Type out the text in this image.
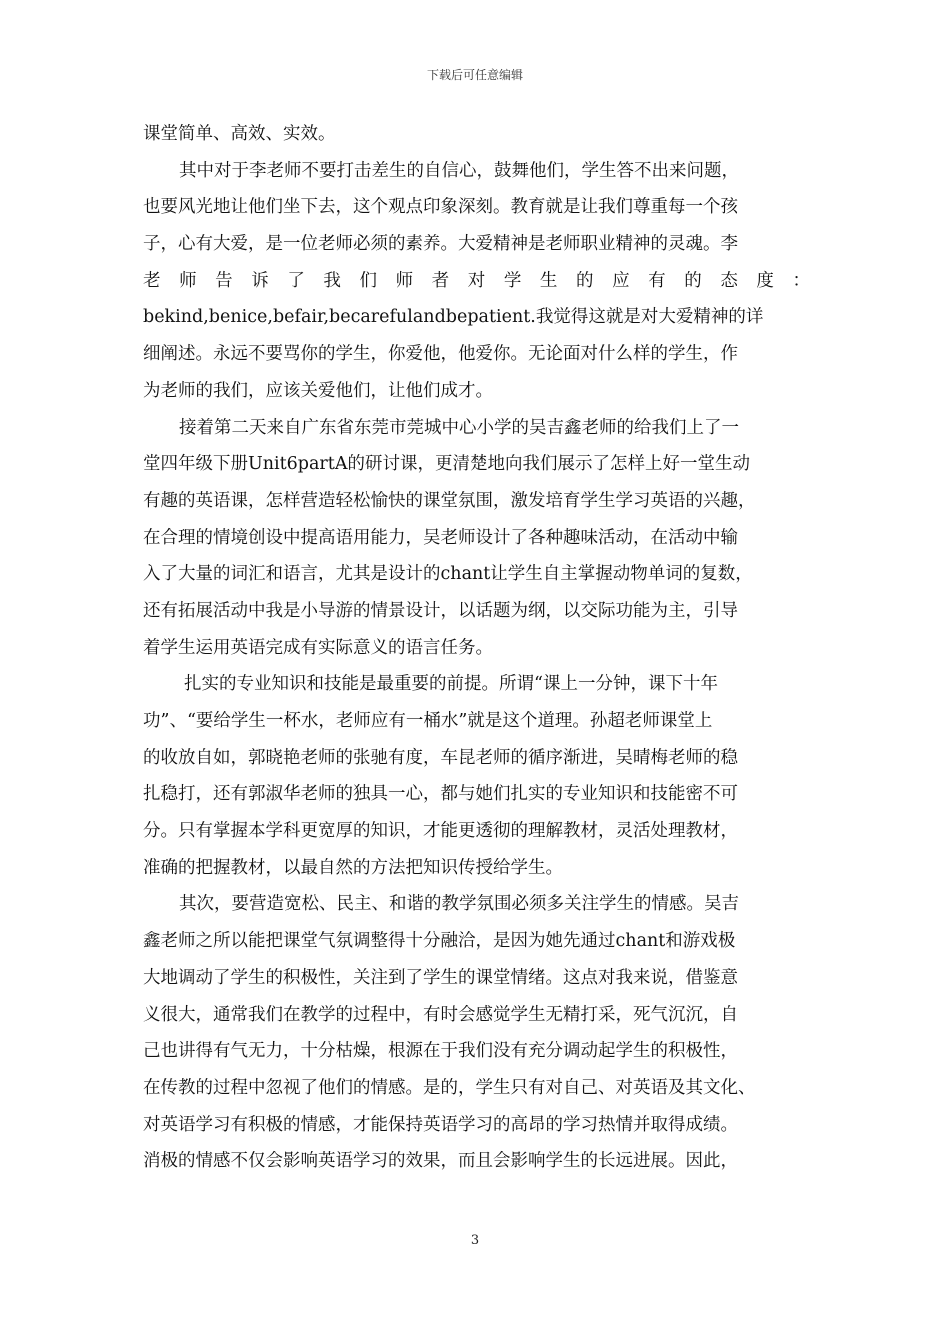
下载后可任意编辑
课堂简单、高效、实效。
其中对于李老师不要打击差生的自信心，鼓舞他们，学生答不出来问题，
也要风光地让他们坐下去，这个观点印象深刻。教育就是让我们尊重每一个孩
子，心有大爱，是一位老师必须的素养。大爱精神是老师职业精神的灵魂。李
老师告诉了我们师者对学生的应有的态度：
bekind,benice,befair,becarefulandbepatient.我觉得这就是对大爱精神的详
细阐述。永远不要骂你的学生，你爱他，他爱你。无论面对什么样的学生，作
为老师的我们，应该关爱他们，让他们成才。
接着第二天来自广东省东莞市莞城中心小学的吴吉鑫老师的给我们上了一
堂四年级下册Unit6partA的研讨课，更清楚地向我们展示了怎样上好一堂生动
有趣的英语课，怎样营造轻松愉快的课堂氛围，激发培育学生学习英语的兴趣，
在合理的情境创设中提高语用能力，吴老师设计了各种趣味活动，在活动中输
入了大量的词汇和语言，尤其是设计的chant让学生自主掌握动物单词的复数，
还有拓展活动中我是小导游的情景设计，以话题为纲，以交际功能为主，引导
着学生运用英语完成有实际意义的语言任务。
扎实的专业知识和技能是最重要的前提。所谓“课上一分钟，课下十年
功”、“要给学生一杯水，老师应有一桶水”就是这个道理。孙超老师课堂上
的收放自如，郭晓艳老师的张驰有度，车昆老师的循序渐进，吴晴梅老师的稳
扎稳打，还有郭淑华老师的独具一心，都与她们扎实的专业知识和技能密不可
分。只有掌握本学科更宽厚的知识，才能更透彻的理解教材，灵活处理教材，
准确的把握教材，以最自然的方法把知识传授给学生。
其次，要营造宽松、民主、和谐的教学氛围必须多关注学生的情感。吴吉
鑫老师之所以能把课堂气氛调整得十分融洽，是因为她先通过chant和游戏极
大地调动了学生的积极性，关注到了学生的课堂情绪。这点对我来说，借鉴意
义很大，通常我们在教学的过程中，有时会感觉学生无精打采，死气沉沉，自
己也讲得有气无力，十分枯燥，根源在于我们没有充分调动起学生的积极性，
在传教的过程中忽视了他们的情感。是的，学生只有对自己、对英语及其文化、
对英语学习有积极的情感，才能保持英语学习的高昂的学习热情并取得成绩。
消极的情感不仅会影响英语学习的效果，而且会影响学生的长远进展。因此，
3
